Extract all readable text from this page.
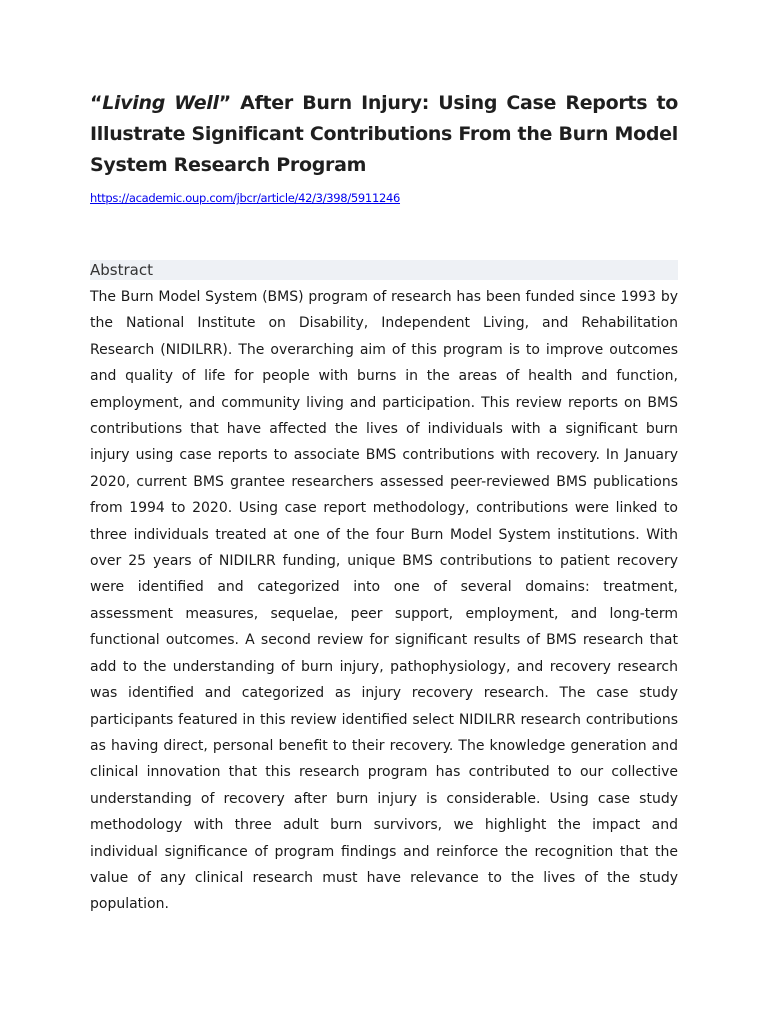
“Living Well” After Burn Injury: Using Case Reports to Illustrate Significant Contributions From the Burn Model System Research Program
https://academic.oup.com/jbcr/article/42/3/398/5911246
Abstract

The Burn Model System (BMS) program of research has been funded since 1993 by the National Institute on Disability, Independent Living, and Rehabilitation Research (NIDILRR). The overarching aim of this program is to improve outcomes and quality of life for people with burns in the areas of health and function, employment, and community living and participation. This review reports on BMS contributions that have affected the lives of individuals with a significant burn injury using case reports to associate BMS contributions with recovery. In January 2020, current BMS grantee researchers assessed peer-reviewed BMS publications from 1994 to 2020. Using case report methodology, contributions were linked to three individuals treated at one of the four Burn Model System institutions. With over 25 years of NIDILRR funding, unique BMS contributions to patient recovery were identified and categorized into one of several domains: treatment, assessment measures, sequelae, peer support, employment, and long-term functional outcomes. A second review for significant results of BMS research that add to the understanding of burn injury, pathophysiology, and recovery research was identified and categorized as injury recovery research. The case study participants featured in this review identified select NIDILRR research contributions as having direct, personal benefit to their recovery. The knowledge generation and clinical innovation that this research program has contributed to our collective understanding of recovery after burn injury is considerable. Using case study methodology with three adult burn survivors, we highlight the impact and individual significance of program findings and reinforce the recognition that the value of any clinical research must have relevance to the lives of the study population.
